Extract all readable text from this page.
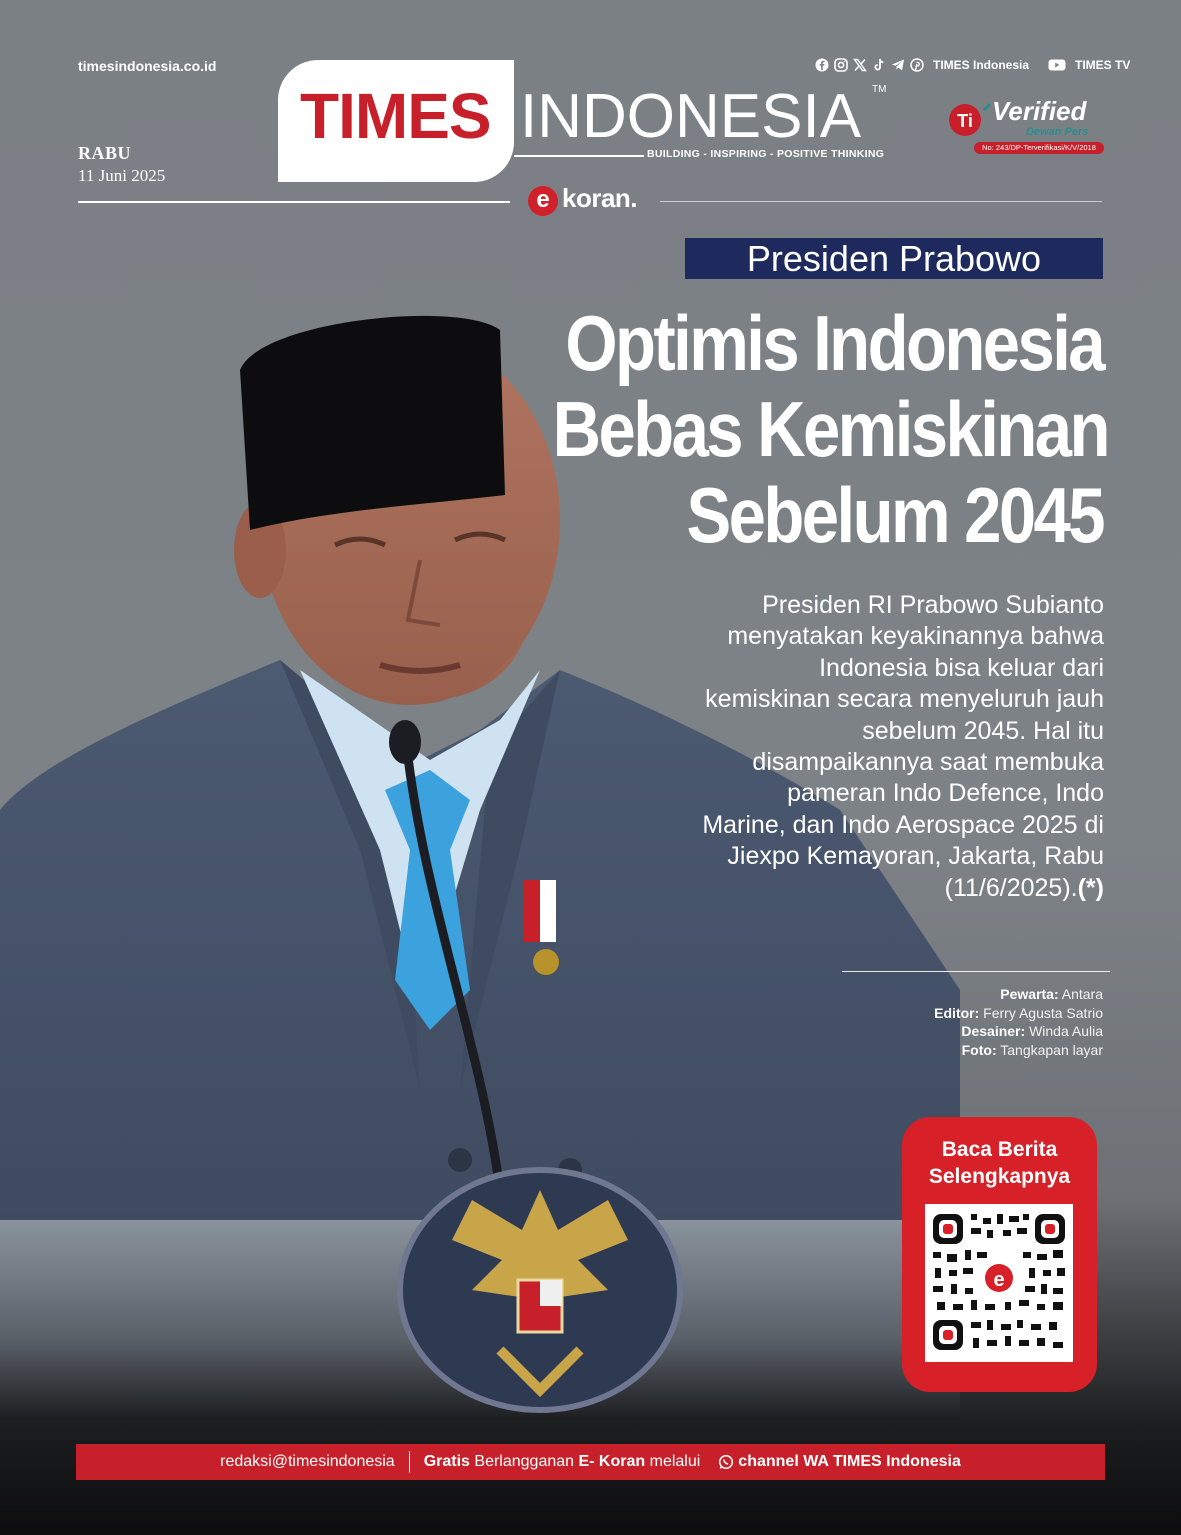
timesindonesia.co.id
RABU
11 Juni 2025
TIMES INDONESIA TM
BUILDING - INSPIRING - POSITIVE THINKING
TIMES Indonesia	TIMES TV
Ti Verified
Dewan Pers
No: 243/DP-Terverifikasi/K/V/2018
e koran.
Presiden Prabowo
Optimis Indonesia
Bebas Kemiskinan
Sebelum 2045
Presiden RI Prabowo Subianto menyatakan keyakinannya bahwa Indonesia bisa keluar dari kemiskinan secara menyeluruh jauh sebelum 2045. Hal itu disampaikannya saat membuka pameran Indo Defence, Indo Marine, dan Indo Aerospace 2025 di Jiexpo Kemayoran, Jakarta, Rabu (11/6/2025).(*)
Pewarta: Antara
Editor: Ferry Agusta Satrio
Desainer: Winda Aulia
Foto: Tangkapan layar
Baca Berita
Selengkapnya
e
redaksi@timesindonesia Gratis Berlangganan E- Koran melalui channel WA TIMES Indonesia
